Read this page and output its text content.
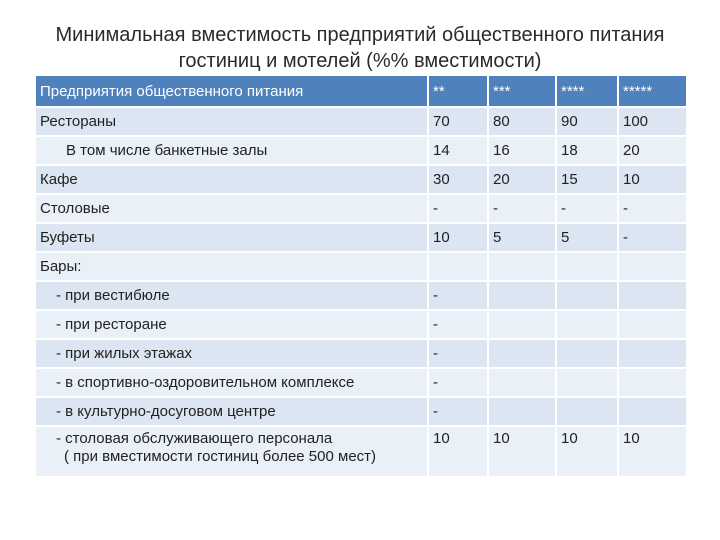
Минимальная вместимость предприятий общественного питания
гостиниц и мотелей (%% вместимости)
Предприятия общественного питания	**	***	****	*****
Рестораны	70	80	90	100
В том числе банкетные залы	14	16	18	20
Кафе	30	20	15	10
Столовые	-	-	-	-
Буфеты	10	5	5	-
Бары:				
- при вестибюле	-			
- при ресторане	-			
- при жилых этажах	-			
- в спортивно-оздоровительном комплексе	-			
- в культурно-досуговом центре	-			

- столовая обслуживающего персонала
( при вместимости гостиниц более 500 мест)	10	10	10	10
